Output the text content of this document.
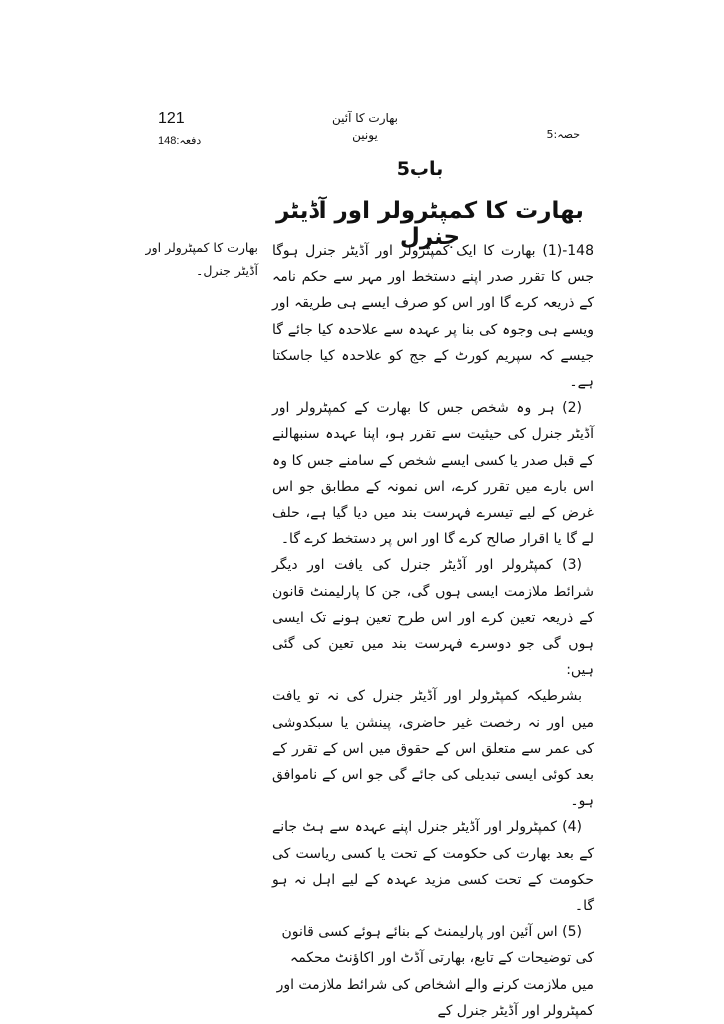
121
دفعہ:148
بھارت کا آئین
یونین	حصہ:5
باب5
بھارت کا کمپٹرولر اور آڈیٹر جنرل
بھارت کا کمپٹرولر اور آڈیٹر جنرل۔

148-(1) بھارت کا ایک کمپٹرولر اور آڈیٹر جنرل ہوگا جس کا تقرر صدر اپنے دستخط اور مہر سے حکم نامہ کے ذریعہ کرے گا اور اس کو صرف ایسے ہی طریقہ اور ویسے ہی وجوہ کی بنا پر عہدہ سے علاحدہ کیا جائے گا جیسے کہ سپریم کورٹ کے جج کو علاحدہ کیا جاسکتا ہے۔

(2) ہر وہ شخص جس کا بھارت کے کمپٹرولر اور آڈیٹر جنرل کی حیثیت سے تقرر ہو، اپنا عہدہ سنبھالنے کے قبل صدر یا کسی ایسے شخص کے سامنے جس کا وہ اس بارے میں تقرر کرے، اس نمونہ کے مطابق جو اس غرض کے لیے تیسرے فہرست بند میں دیا گیا ہے، حلف لے گا یا اقرار صالح کرے گا اور اس پر دستخط کرے گا۔

(3) کمپٹرولر اور آڈیٹر جنرل کی یافت اور دیگر شرائط ملازمت ایسی ہوں گی، جن کا پارلیمنٹ قانون کے ذریعہ تعین کرے اور اس طرح تعین ہونے تک ایسی ہوں گی جو دوسرے فہرست بند میں تعین کی گئی ہیں:

بشرطیکہ کمپٹرولر اور آڈیٹر جنرل کی نہ تو یافت میں اور نہ رخصت غیر حاضری، پینشن یا سبکدوشی کی عمر سے متعلق اس کے حقوق میں اس کے تقرر کے بعد کوئی ایسی تبدیلی کی جائے گی جو اس کے ناموافق ہو۔

(4) کمپٹرولر اور آڈیٹر جنرل اپنے عہدہ سے ہٹ جانے کے بعد بھارت کی حکومت کے تحت یا کسی ریاست کی حکومت کے تحت کسی مزید عہدہ کے لیے اہل نہ ہو گا۔

(5) اس آئین اور پارلیمنٹ کے بنائے ہوئے کسی قانون کی توضیحات کے تابع، بھارتی آڈٹ اور اکاؤنٹ محکمہ میں ملازمت کرنے والے اشخاص کی شرائط ملازمت اور کمپٹرولر اور آڈیٹر جنرل کے
